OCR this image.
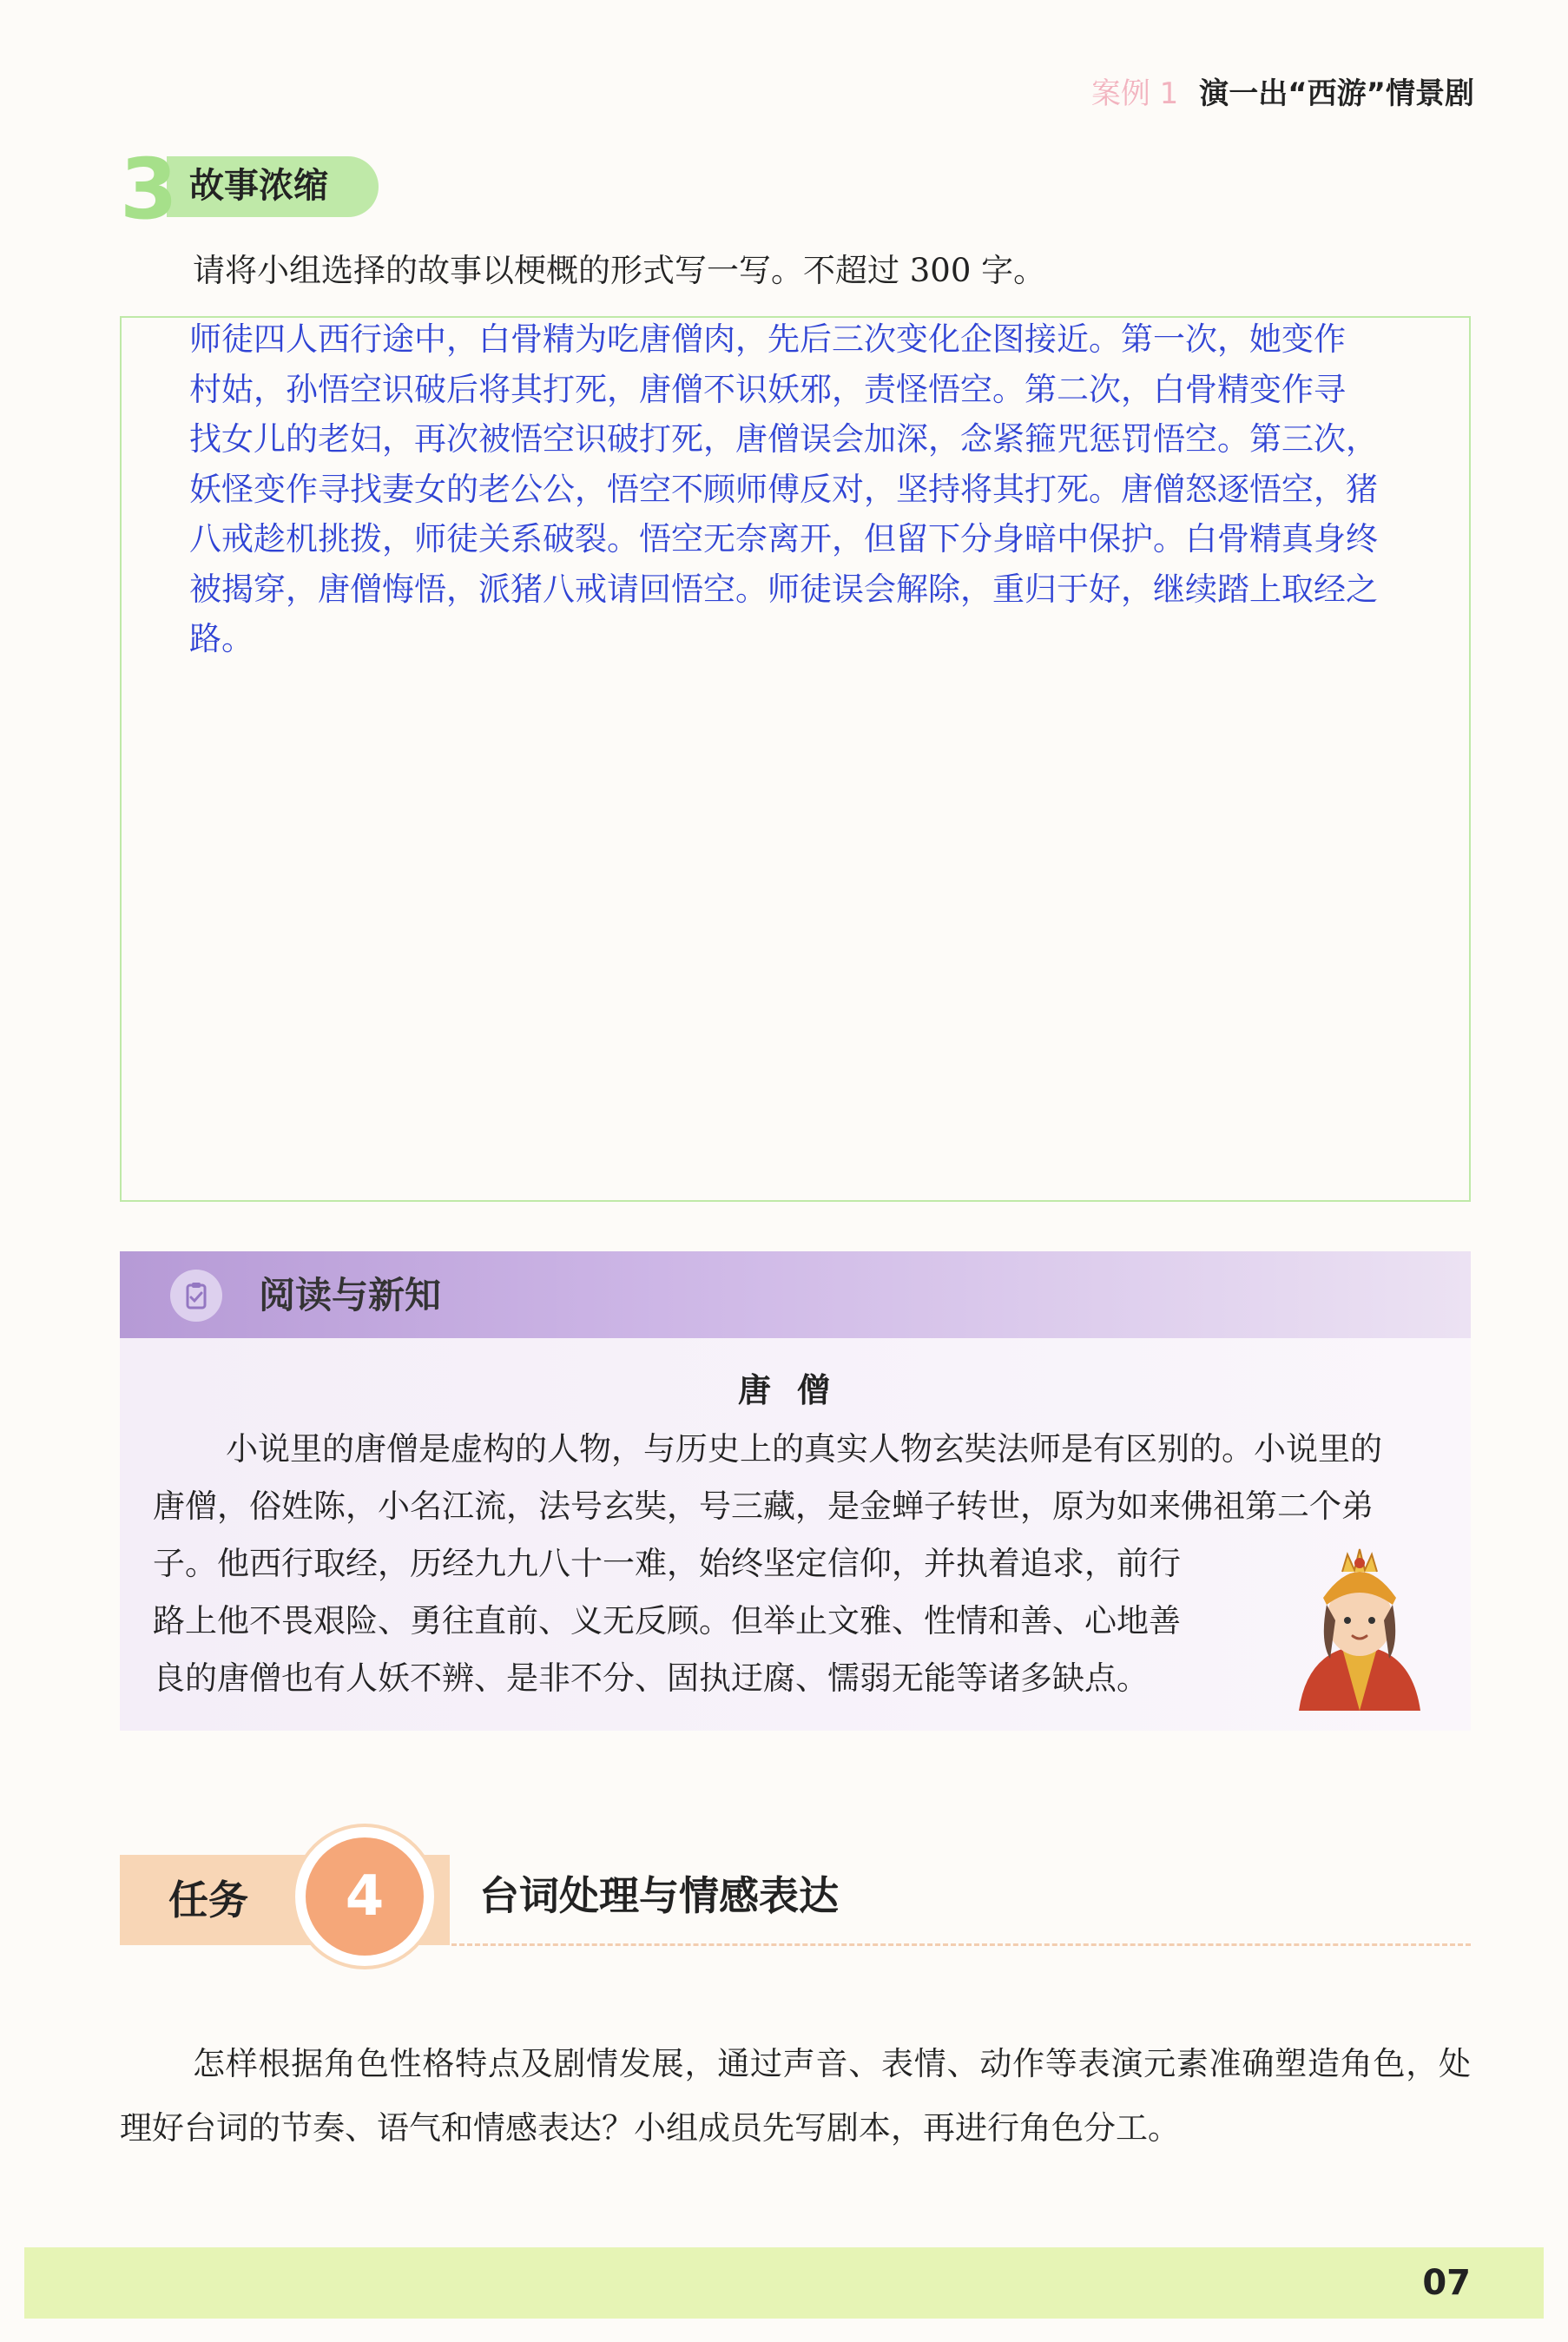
案例 1 演一出“西游”情景剧
3 故事浓缩
请将小组选择的故事以梗概的形式写一写。不超过 300 字。

师徒四人西行途中，白骨精为吃唐僧肉，先后三次变化企图接近。第一次，她变作

村姑，孙悟空识破后将其打死，唐僧不识妖邪，责怪悟空。第二次，白骨精变作寻

找女儿的老妇，再次被悟空识破打死，唐僧误会加深，念紧箍咒惩罚悟空。第三次，

妖怪变作寻找妻女的老公公，悟空不顾师傅反对，坚持将其打死。唐僧怒逐悟空，猪

八戒趁机挑拨，师徒关系破裂。悟空无奈离开，但留下分身暗中保护。白骨精真身终

被揭穿，唐僧悔悟，派猪八戒请回悟空。师徒误会解除，重归于好，继续踏上取经之

路。

阅读与新知
唐僧

小说里的唐僧是虚构的人物，与历史上的真实人物玄奘法师是有区别的。小说里的

唐僧，俗姓陈，小名江流，法号玄奘，号三藏，是金蝉子转世，原为如来佛祖第二个弟

子。他西行取经，历经九九八十一难，始终坚定信仰，并执着追求，前行

路上他不畏艰险、勇往直前、义无反顾。但举止文雅、性情和善、心地善

良的唐僧也有人妖不辨、是非不分、固执迂腐、懦弱无能等诸多缺点。

任务	4	台词处理与情感表达

怎样根据角色性格特点及剧情发展，通过声音、表情、动作等表演元素准确塑造角色，处理好台词的节奏、语气和情感表达？小组成员先写剧本，再进行角色分工。

07
